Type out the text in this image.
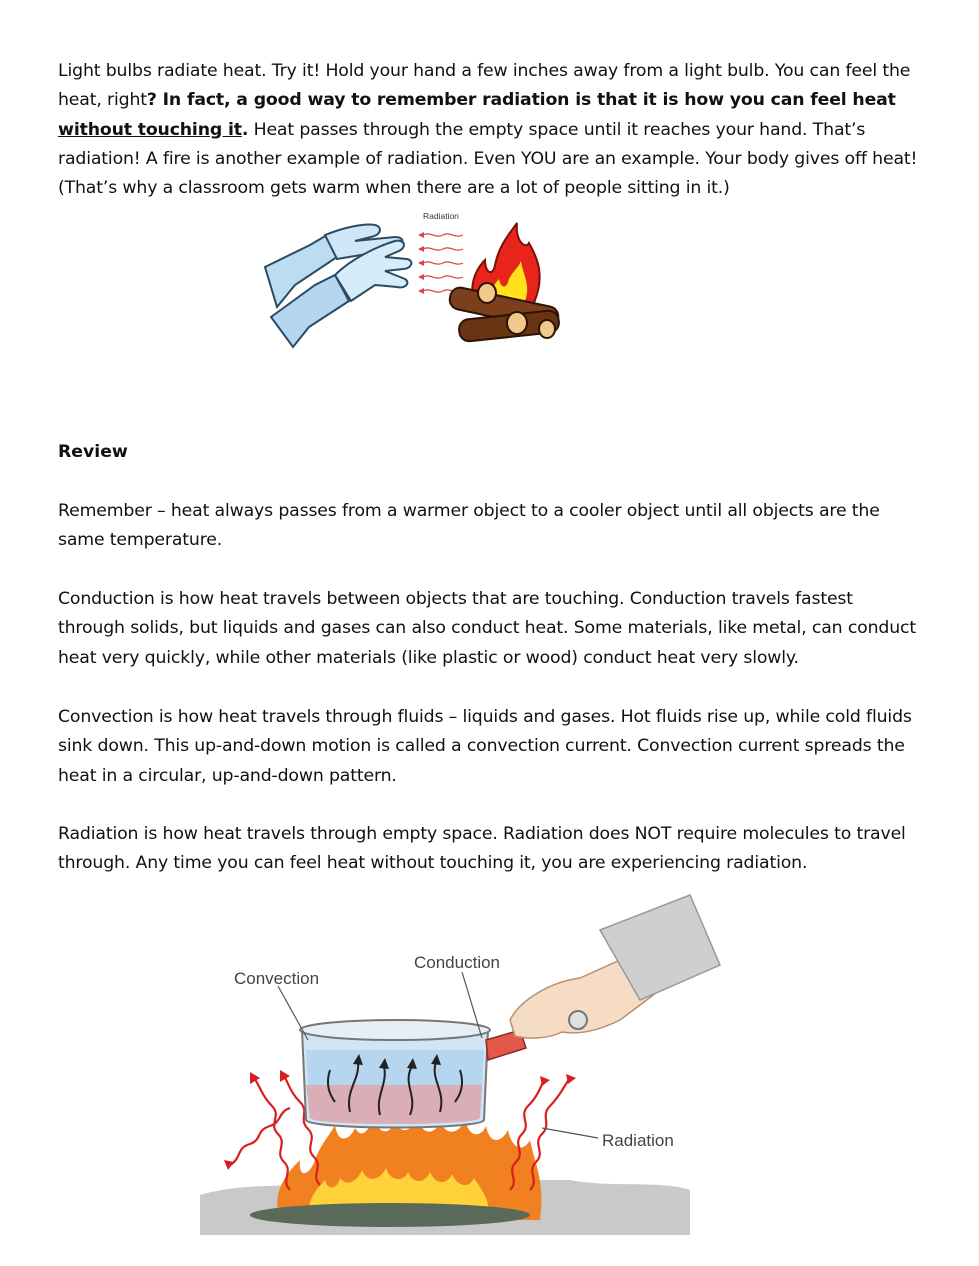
Light bulbs radiate heat. Try it! Hold your hand a few inches away from a light bulb. You can feel the heat, right? In fact, a good way to remember radiation is that it is how you can feel heat without touching it. Heat passes through the empty space until it reaches your hand. That’s radiation! A fire is another example of radiation. Even YOU are an example. Your body gives off heat! (That’s why a classroom gets warm when there are a lot of people sitting in it.)

Radiation
Review

Remember – heat always passes from a warmer object to a cooler object until all objects are the same temperature.

Conduction is how heat travels between objects that are touching. Conduction travels fastest through solids, but liquids and gases can also conduct heat. Some materials, like metal, can conduct heat very quickly, while other materials (like plastic or wood) conduct heat very slowly.

Convection is how heat travels through fluids – liquids and gases. Hot fluids rise up, while cold fluids sink down. This up-and-down motion is called a convection current. Convection current spreads the heat in a circular, up-and-down pattern.

Radiation is how heat travels through empty space. Radiation does NOT require molecules to travel through. Any time you can feel heat without touching it, you are experiencing radiation.

Convection
Conduction
Radiation
